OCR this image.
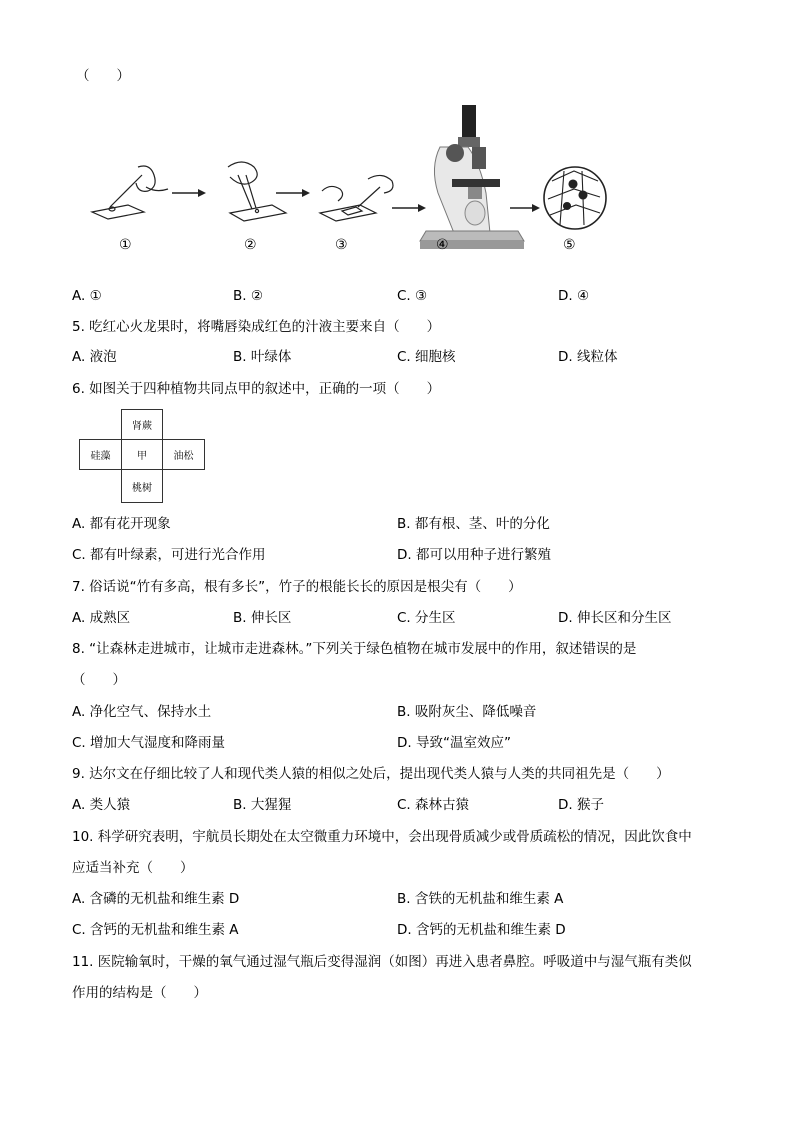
（　　）
①	②	③	④	⑤
A. ①	B. ②	C. ③	D. ④
5. 吃红心火龙果时，将嘴唇染成红色的汁液主要来自（　　）
A. 液泡	B. 叶绿体	C. 细胞核	D. 线粒体
6. 如图关于四种植物共同点甲的叙述中，正确的一项（　　）
肾蕨
硅藻	甲	油松
桃树
A. 都有花开现象	B. 都有根、茎、叶的分化
C. 都有叶绿素，可进行光合作用	D. 都可以用种子进行繁殖
7. 俗话说“竹有多高，根有多长”，竹子的根能长长的原因是根尖有（　　）
A. 成熟区	B. 伸长区	C. 分生区	D. 伸长区和分生区
8. “让森林走进城市，让城市走进森林。”下列关于绿色植物在城市发展中的作用，叙述错误的是
（　　）
A. 净化空气、保持水土	B. 吸附灰尘、降低噪音
C. 增加大气湿度和降雨量	D. 导致“温室效应”
9. 达尔文在仔细比较了人和现代类人猿的相似之处后，提出现代类人猿与人类的共同祖先是（　　）
A. 类人猿	B. 大猩猩	C. 森林古猿	D. 猴子
10. 科学研究表明，宇航员长期处在太空微重力环境中，会出现骨质减少或骨质疏松的情况，因此饮食中
应适当补充（　　）
A. 含磷的无机盐和维生素 D	B. 含铁的无机盐和维生素 A
C. 含钙的无机盐和维生素 A	D. 含钙的无机盐和维生素 D
11. 医院输氧时，干燥的氧气通过湿气瓶后变得湿润（如图）再进入患者鼻腔。呼吸道中与湿气瓶有类似
作用的结构是（　　）
